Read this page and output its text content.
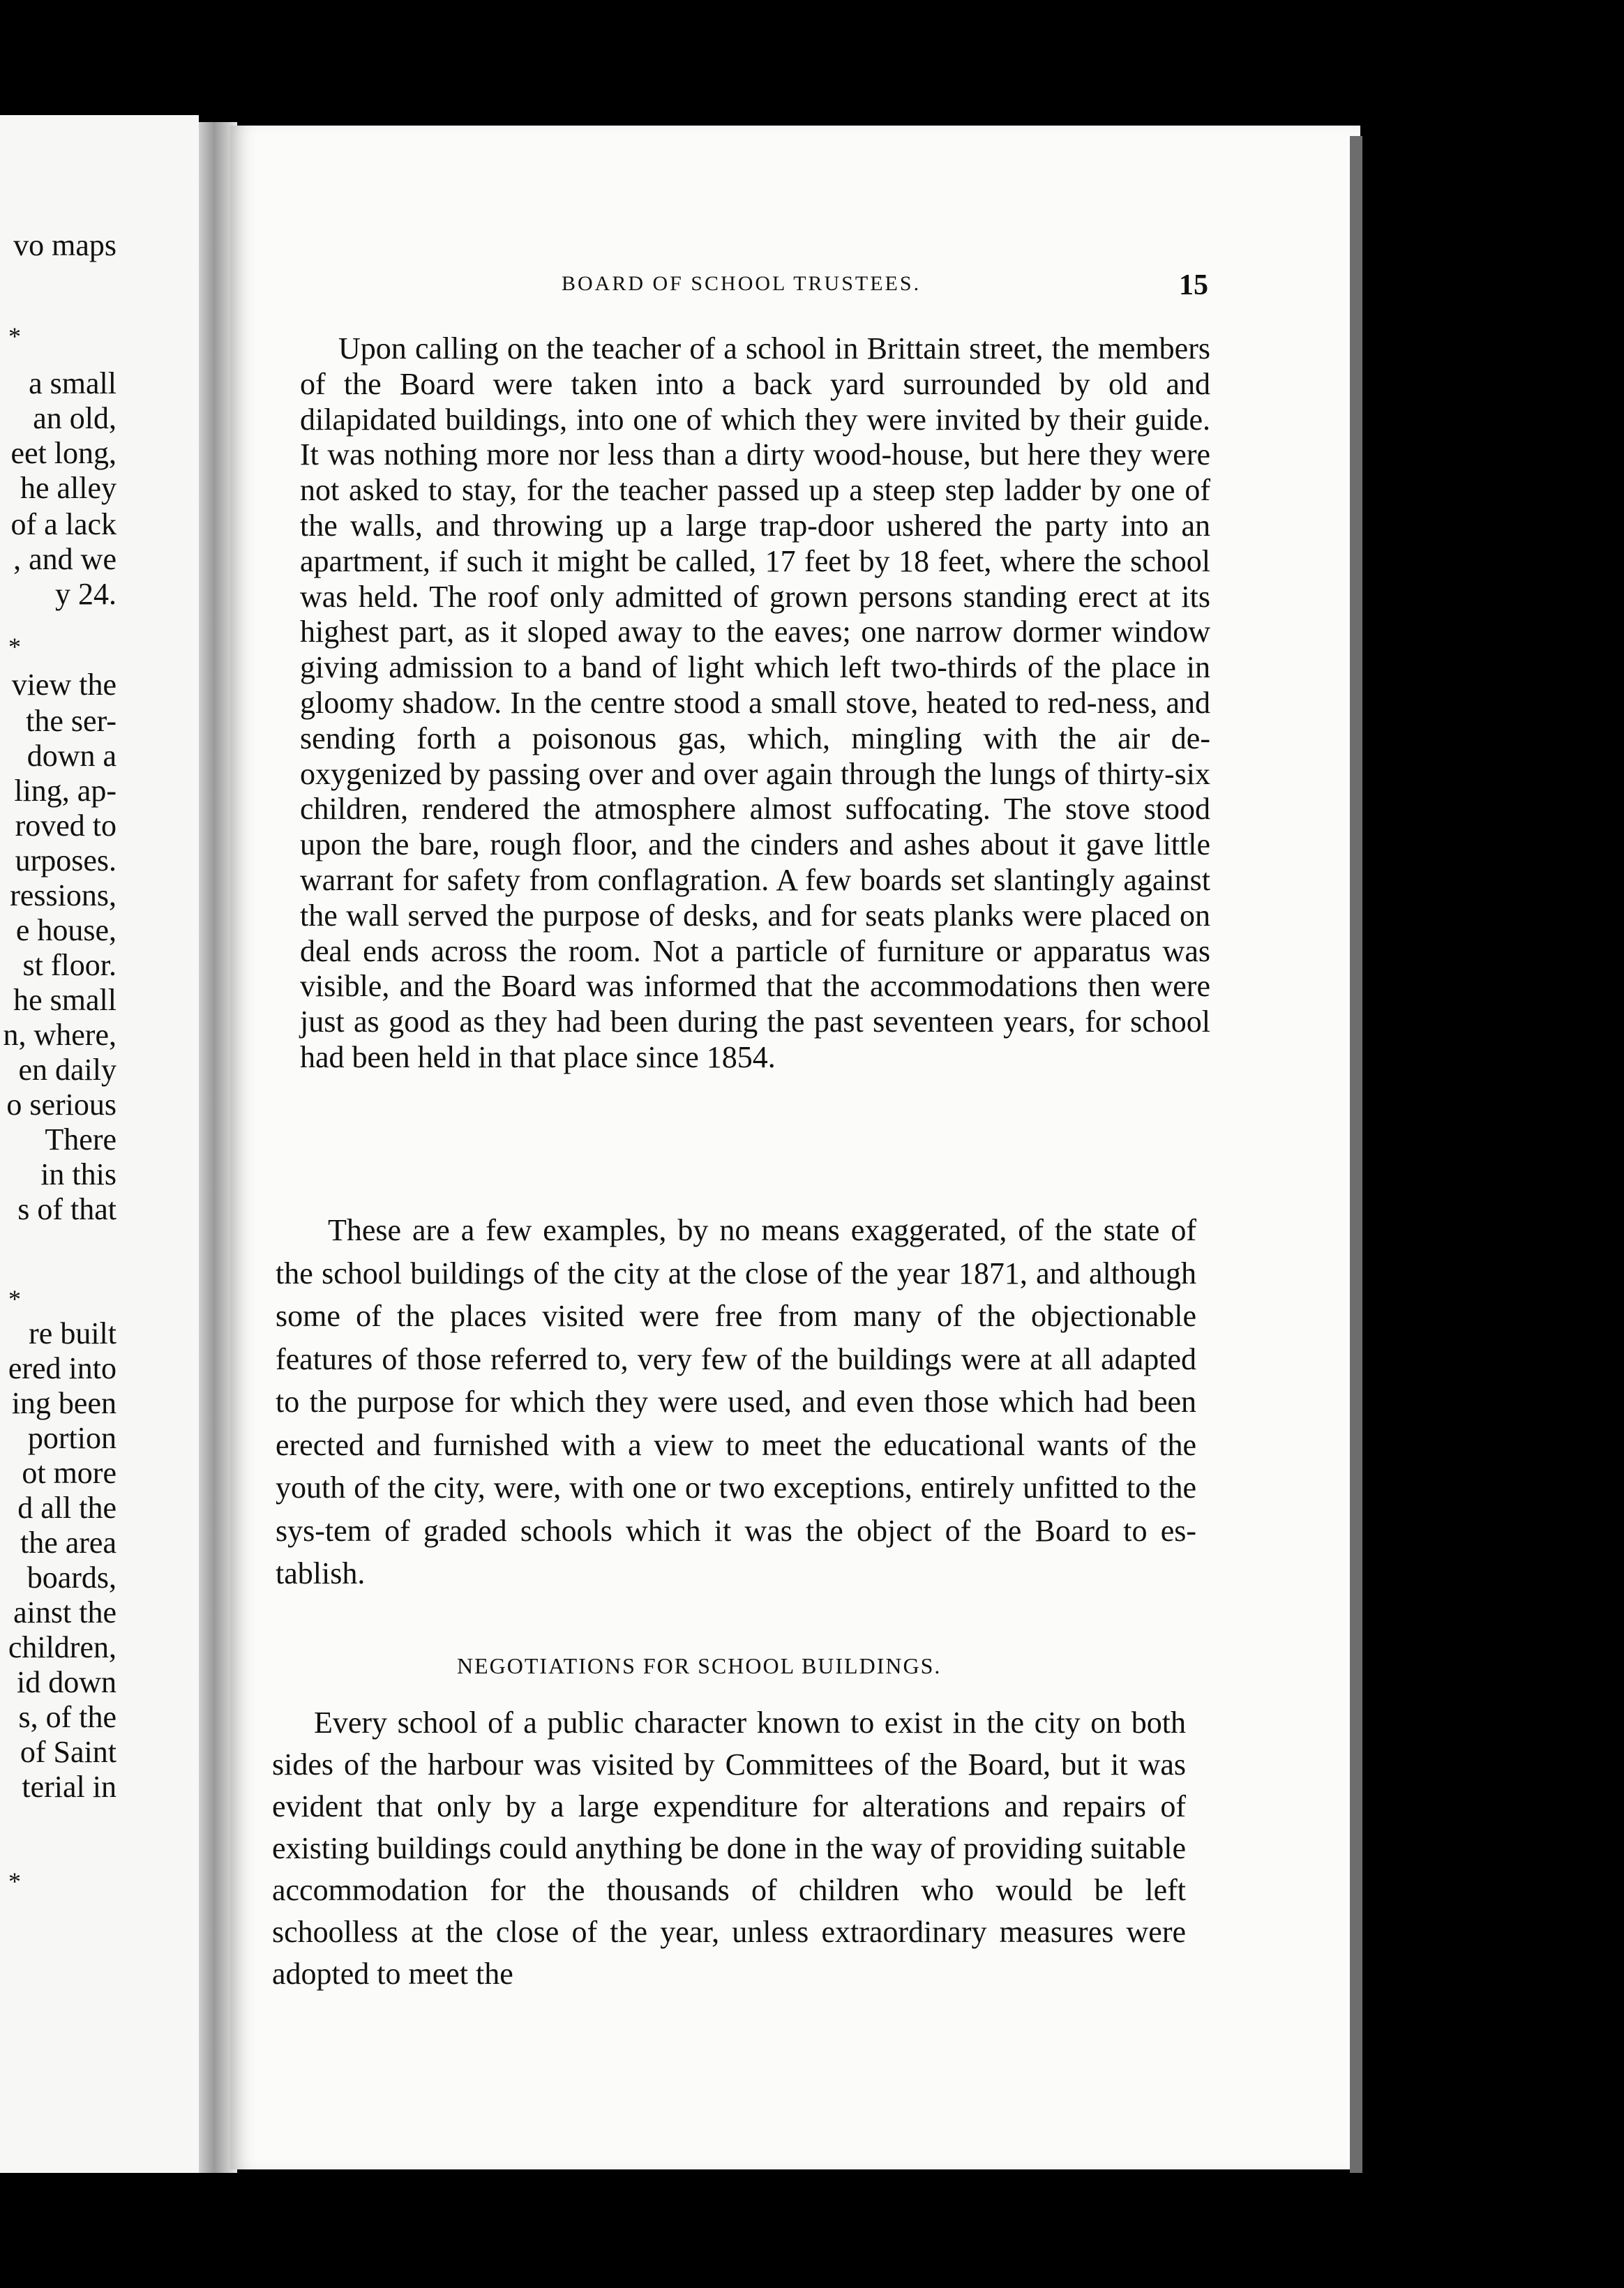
vo maps
*
a small
an old,
eet long,
he alley
of a lack
, and we
y 24.
*
view the
the ser-
down a
ling, ap-
roved to
urposes.
ressions,
e house,
st floor.
he small
n, where,
en daily
o serious
There
in this
s of that
*
re built
ered into
ing been
portion
ot more
d all the
the area
boards,
ainst the
children,
id down
s, of the
of Saint
terial in
*
BOARD OF SCHOOL TRUSTEES.	15

Upon calling on the teacher of a school in Brittain street, the members of the Board were taken into a back yard surrounded by old and dilapidated buildings, into one of which they were invited by their guide. It was nothing more nor less than a dirty wood-house, but here they were not asked to stay, for the teacher passed up a steep step ladder by one of the walls, and throwing up a large trap-door ushered the party into an apartment, if such it might be called, 17 feet by 18 feet, where the school was held. The roof only admitted of grown persons standing erect at its highest part, as it sloped away to the eaves; one narrow dormer window giving admission to a band of light which left two-thirds of the place in gloomy shadow. In the centre stood a small stove, heated to red-ness, and sending forth a poisonous gas, which, mingling with the air de-oxygenized by passing over and over again through the lungs of thirty-six children, rendered the atmosphere almost suffocating. The stove stood upon the bare, rough floor, and the cinders and ashes about it gave little warrant for safety from conflagration. A few boards set slantingly against the wall served the purpose of desks, and for seats planks were placed on deal ends across the room. Not a particle of furniture or apparatus was visible, and the Board was informed that the accommodations then were just as good as they had been during the past seventeen years, for school had been held in that place since 1854.

These are a few examples, by no means exaggerated, of the state of the school buildings of the city at the close of the year 1871, and although some of the places visited were free from many of the objectionable features of those referred to, very few of the buildings were at all adapted to the purpose for which they were used, and even those which had been erected and furnished with a view to meet the educational wants of the youth of the city, were, with one or two exceptions, entirely unfitted to the sys-tem of graded schools which it was the object of the Board to es-tablish.

NEGOTIATIONS FOR SCHOOL BUILDINGS.

Every school of a public character known to exist in the city on both sides of the harbour was visited by Committees of the Board, but it was evident that only by a large expenditure for alterations and repairs of existing buildings could anything be done in the way of providing suitable accommodation for the thousands of children who would be left schoolless at the close of the year, unless extraordinary measures were adopted to meet the
